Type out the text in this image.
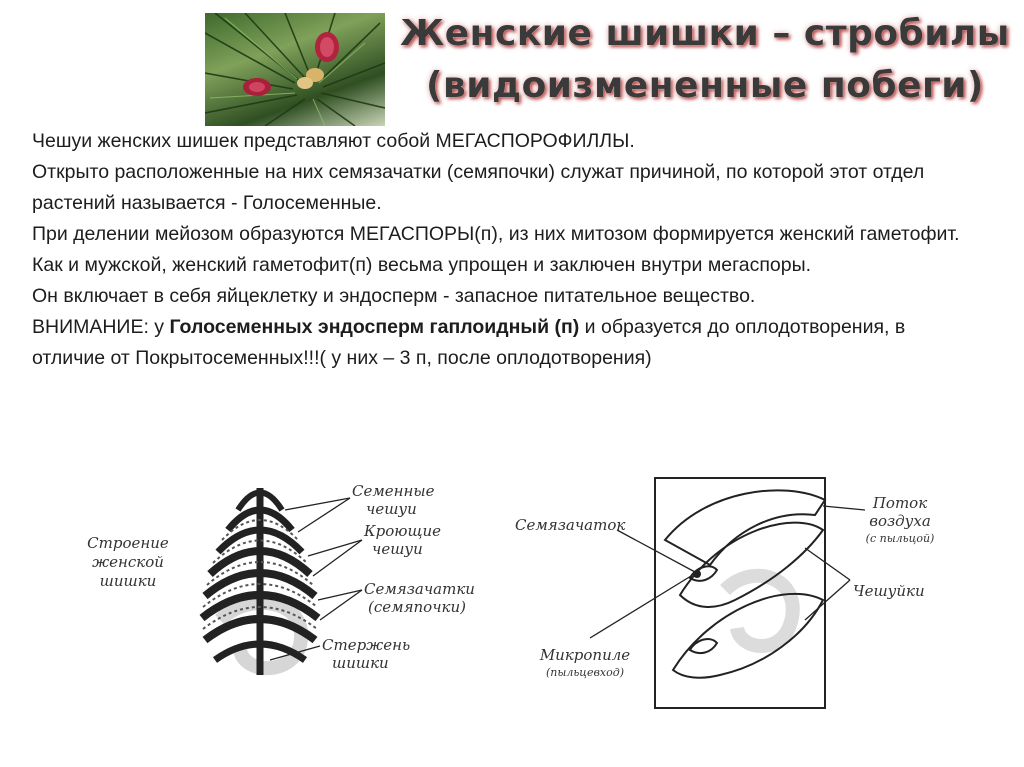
Женские шишки – стробилы
(видоизмененные побеги)

Чешуи женских шишек представляют собой МЕГАСПОРОФИЛЛЫ.

Открыто расположенные на них семязачатки (семяпочки) служат причиной, по которой этот отдел растений называется - Голосеменные.

При делении мейозом образуются МЕГАСПОРЫ(п), из них митозом формируется женский гаметофит. Как и мужской, женский гаметофит(п) весьма упрощен и заключен внутри мегаспоры.

Он включает в себя яйцеклетку и эндосперм - запасное питательное вещество.

ВНИМАНИЕ: у Голосеменных эндосперм гаплоидный (п) и образуется до оплодотворения, в отличие от Покрытосеменных!!!( у них – 3 п, после оплодотворения)

Строение
женской
шишки
Семенные
чешуи
Кроющие
чешуи
Семязачатки
(семяпочки)
Стержень
шишки
Семязачаток
Поток
воздуха
(с пыльцой)
Чешуйки
Микропиле
(пыльцевход)
